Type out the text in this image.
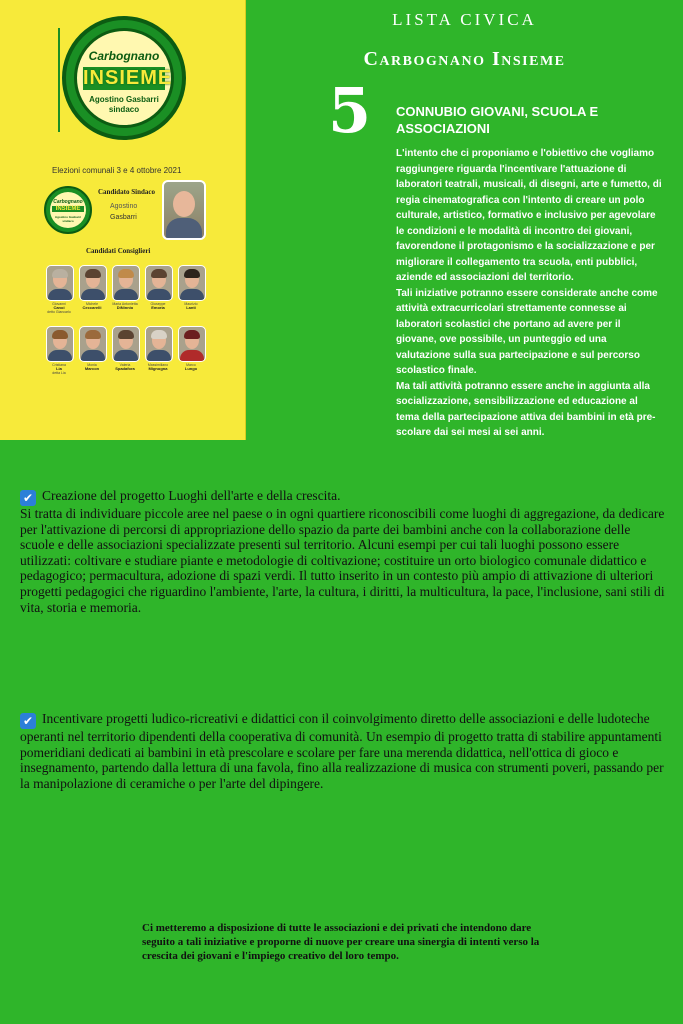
Carbognano
INSIEME
Agostino Gasbarri
sindaco
Elezioni comunali 3 e 4 ottobre 2021
Carbognano
INSIEME
Agostino Gasbarri sindaco
Candidato Sindaco
Agostino
Gasbarri
Candidati Consiglieri
Giovanni
Canoi
detto Giancarlo
Michele
Ceccarelli
Maria Antonietta
DiNinnio
Giuseppe
Emoria
Maurizio
Lanti
Cristiana
Lia
detta Lia
Monia
Marcon
Valeria
Spadafora
Massimiliano
Mignogna
Marco
Lungo
LISTA CIVICA
Carbognano Insieme
5 CONNUBIO GIOVANI, SCUOLA E ASSOCIAZIONI

L'intento che ci proponiamo e l'obiettivo che vogliamo raggiungere riguarda l'incentivare l'attuazione di laboratori teatrali, musicali, di disegni, arte e fumetto, di regia cinematografica con l'intento di creare un polo culturale, artistico, formativo e inclusivo per agevolare le condizioni e le modalità di incontro dei giovani, favorendone il protagonismo e la socializzazione e per migliorare il collegamento tra scuola, enti pubblici, aziende ed associazioni del territorio.

Tali iniziative potranno essere considerate anche come attività extracurricolari strettamente connesse ai laboratori scolastici che portano ad avere per il giovane, ove possibile, un punteggio ed una valutazione sulla sua partecipazione e sul percorso scolastico finale.

Ma tali attività potranno essere anche in aggiunta alla socializzazione, sensibilizzazione ed educazione al tema della partecipazione attiva dei bambini in età pre-scolare dai sei mesi ai sei anni.

✔ Creazione del progetto Luoghi dell'arte e della crescita.

Si tratta di individuare piccole aree nel paese o in ogni quartiere riconoscibili come luoghi di aggregazione, da dedicare per l'attivazione di percorsi di appropriazione dello spazio da parte dei bambini anche con la collaborazione delle scuole e delle associazioni specializzate presenti sul territorio. Alcuni esempi per cui tali luoghi possono essere utilizzati: coltivare e studiare piante e metodologie di coltivazione; costituire un orto biologico comunale didattico e pedagogico; permacultura, adozione di spazi verdi. Il tutto inserito in un contesto più ampio di attivazione di ulteriori progetti pedagogici che riguardino l'ambiente, l'arte, la cultura, i diritti, la multicultura, la pace, l'inclusione, sani stili di vita, storia e memoria.

✔ Incentivare progetti ludico-ricreativi e didattici con il coinvolgimento diretto delle associazioni e delle ludoteche operanti nel territorio dipendenti della cooperativa di comunità. Un esempio di progetto tratta di stabilire appuntamenti pomeridiani dedicati ai bambini in età prescolare e scolare per fare una merenda didattica, nell'ottica di gioco e insegnamento, partendo dalla lettura di una favola, fino alla realizzazione di musica con strumenti poveri, passando per la manipolazione di ceramiche o per l'arte del dipingere.

Ci metteremo a disposizione di tutte le associazioni e dei privati che intendono dare seguito a tali iniziative e proporne di nuove per creare una sinergia di intenti verso la crescita dei giovani e l'impiego creativo del loro tempo.
